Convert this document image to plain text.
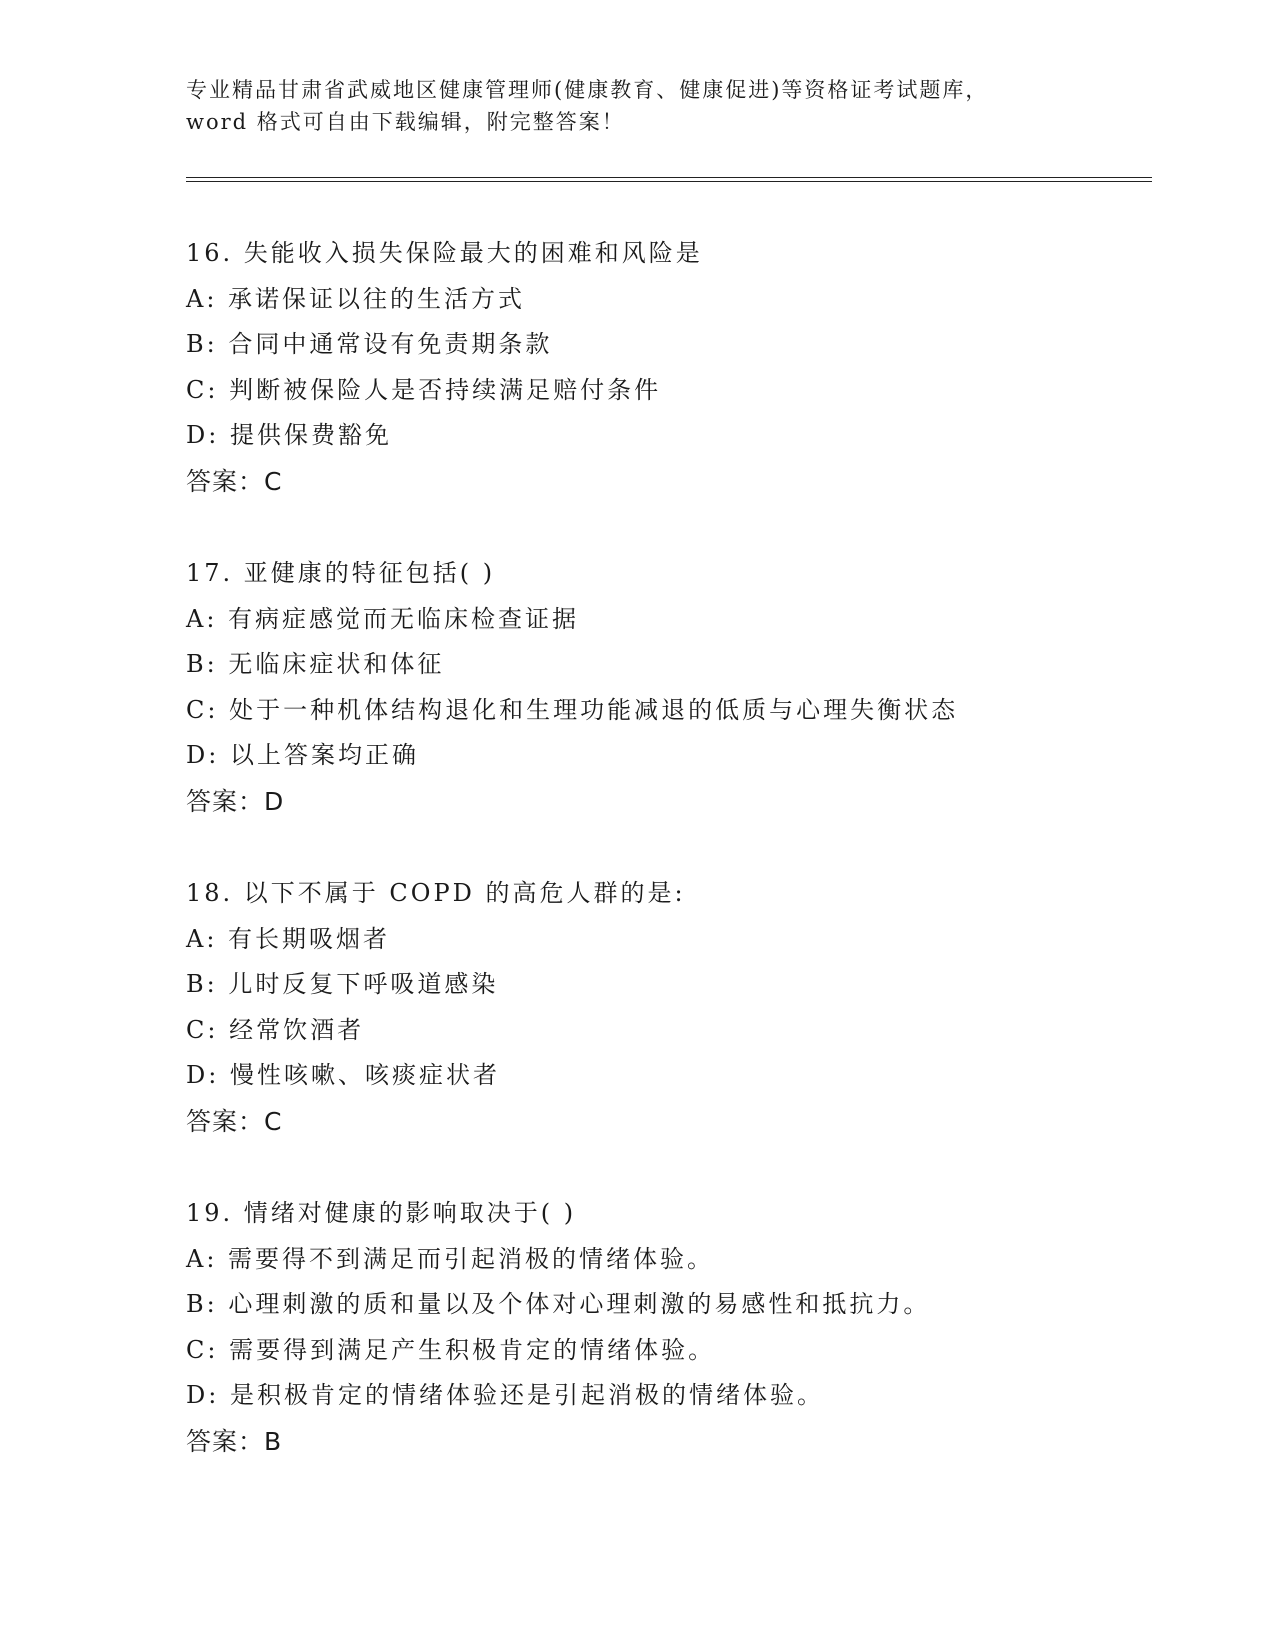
专业精品甘肃省武威地区健康管理师(健康教育、健康促进)等资格证考试题库，
word 格式可自由下载编辑，附完整答案！
16. 失能收入损失保险最大的困难和风险是
A: 承诺保证以往的生活方式
B: 合同中通常设有免责期条款
C: 判断被保险人是否持续满足赔付条件
D: 提供保费豁免
答案：C
17. 亚健康的特征包括( )
A: 有病症感觉而无临床检查证据
B: 无临床症状和体征
C: 处于一种机体结构退化和生理功能减退的低质与心理失衡状态
D: 以上答案均正确
答案：D
18. 以下不属于 COPD 的高危人群的是:
A: 有长期吸烟者
B: 儿时反复下呼吸道感染
C: 经常饮酒者
D: 慢性咳嗽、咳痰症状者
答案：C
19. 情绪对健康的影响取决于( )
A: 需要得不到满足而引起消极的情绪体验。
B: 心理刺激的质和量以及个体对心理刺激的易感性和抵抗力。
C: 需要得到满足产生积极肯定的情绪体验。
D: 是积极肯定的情绪体验还是引起消极的情绪体验。
答案：B
